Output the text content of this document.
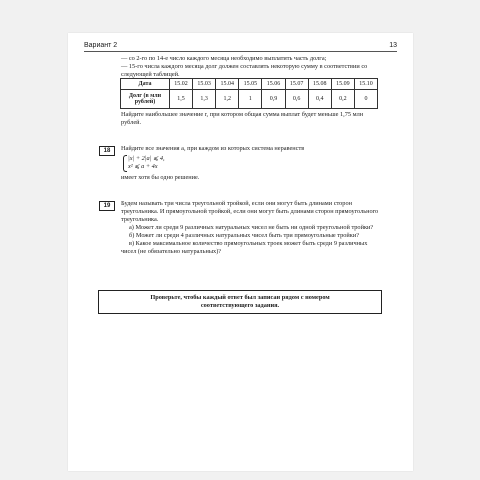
Вариант 2	13

— со 2-го по 14-е число каждого месяца необходимо выплатить часть долга;

— 15-го числа каждого месяца долг должен составлять некоторую сумму в соответствии со следующей таблицей.

Дата	15.02	15.03	15.04	15.05	15.06	15.07	15.08	15.09	15.10
Долг (в млн рублей)	1,5	1,3	1,2	1	0,9	0,6	0,4	0,2	0
Найдите наибольшее значение r, при котором общая сумма выплат будет меньше 1,75 млн рублей.
18	Найдите все значения a, при каждом из которых система неравенств
|x| + 2|a| ⩽ 4,
x² ⩽ a + 4x
имеет хотя бы одно решение.
19	Будем называть три числа треугольной тройкой, если они могут быть длинами сторон треугольника. И прямоугольной тройкой, если они могут быть длинами сторон прямоугольного треугольника.

а) Может ли среди 9 различных натуральных чисел не быть ни одной треугольной тройки?

б) Может ли среди 4 различных натуральных чисел быть три прямоугольные тройки?

в) Какое максимальное количество прямоугольных троек может быть среди 9 различных чисел (не обязательно натуральных)?

Проверьте, чтобы каждый ответ был записан рядом с номером
соответствующего задания.
